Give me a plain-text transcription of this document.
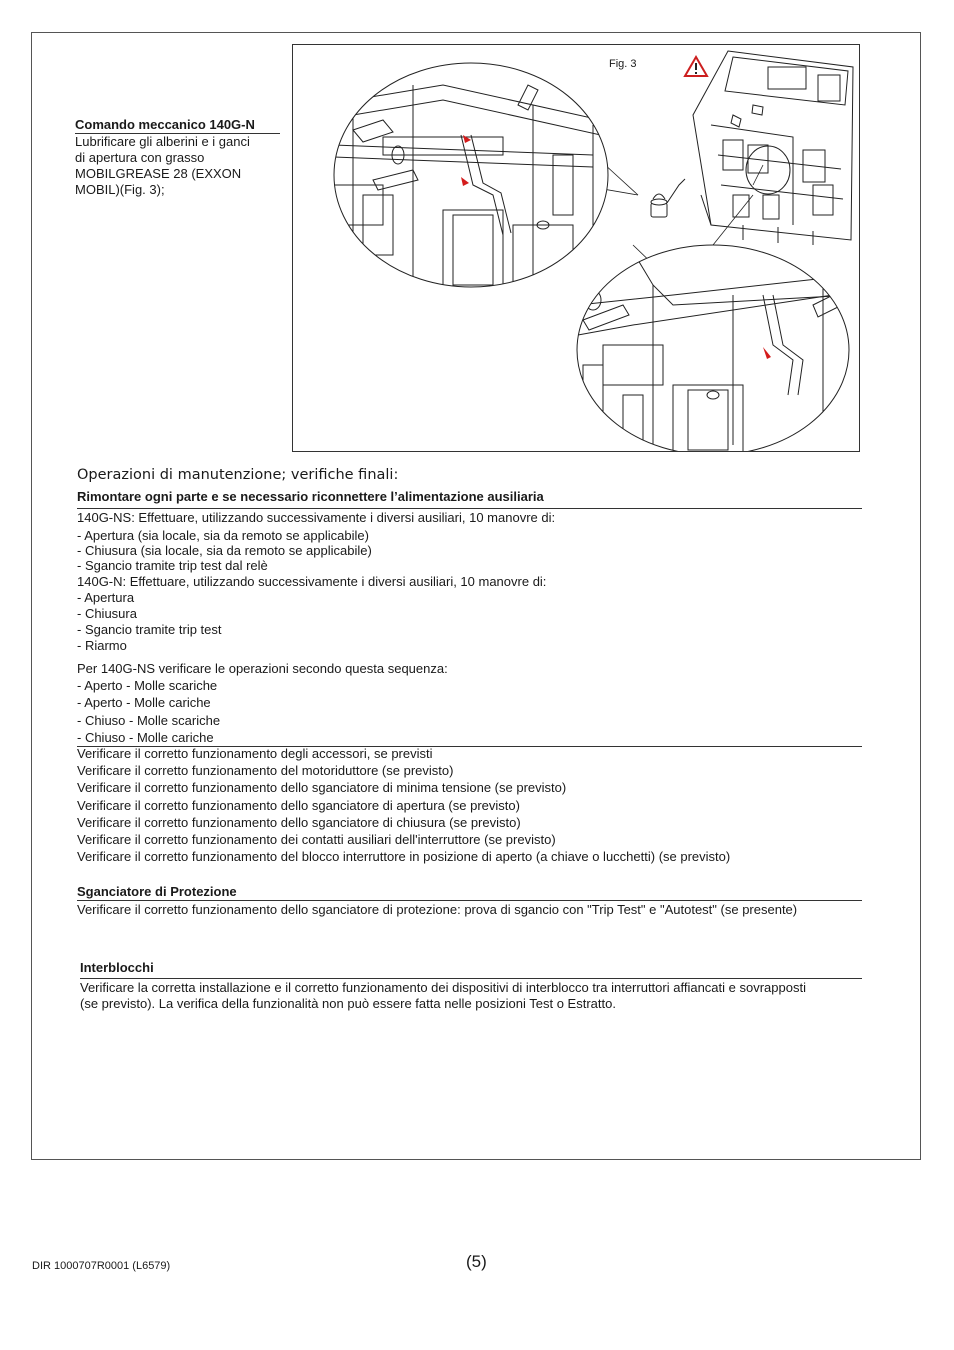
Comando meccanico 140G-N
Lubrificare gli alberini e i ganci
di apertura con grasso
MOBILGREASE 28 (EXXON
MOBIL)(Fig. 3);
Fig. 3
Operazioni di manutenzione; verifiche finali:
Rimontare ogni parte e se necessario riconnettere l’alimentazione ausiliaria
140G-NS: Effettuare, utilizzando successivamente i diversi ausiliari, 10 manovre di:
- Apertura (sia locale, sia da remoto se applicabile)
- Chiusura (sia locale, sia da remoto se applicabile)
- Sgancio tramite trip test dal relè
140G-N: Effettuare, utilizzando successivamente i diversi ausiliari, 10 manovre di:
- Apertura
- Chiusura
- Sgancio tramite trip test
- Riarmo
Per 140G-NS verificare le operazioni secondo questa sequenza:
- Aperto - Molle scariche
- Aperto - Molle cariche
- Chiuso - Molle scariche
- Chiuso - Molle cariche
Verificare il corretto funzionamento degli accessori, se previsti
Verificare il corretto funzionamento del motoriduttore (se previsto)
Verificare il corretto funzionamento dello sganciatore di minima tensione (se previsto)
Verificare il corretto funzionamento dello sganciatore di apertura (se previsto)
Verificare il corretto funzionamento dello sganciatore di chiusura (se previsto)
Verificare il corretto funzionamento dei contatti ausiliari dell'interruttore (se previsto)
Verificare il corretto funzionamento del blocco interruttore in posizione di aperto (a chiave o lucchetti) (se previsto)
Sganciatore di Protezione
Verificare il corretto funzionamento dello sganciatore di protezione: prova di sgancio con "Trip Test" e "Autotest" (se presente)
Interblocchi
Verificare la corretta installazione e il corretto funzionamento dei dispositivi di interblocco tra interruttori affiancati e sovrapposti
(se previsto). La verifica della funzionalità non può essere fatta nelle posizioni Test o Estratto.
(5)
DIR 1000707R0001 (L6579)
